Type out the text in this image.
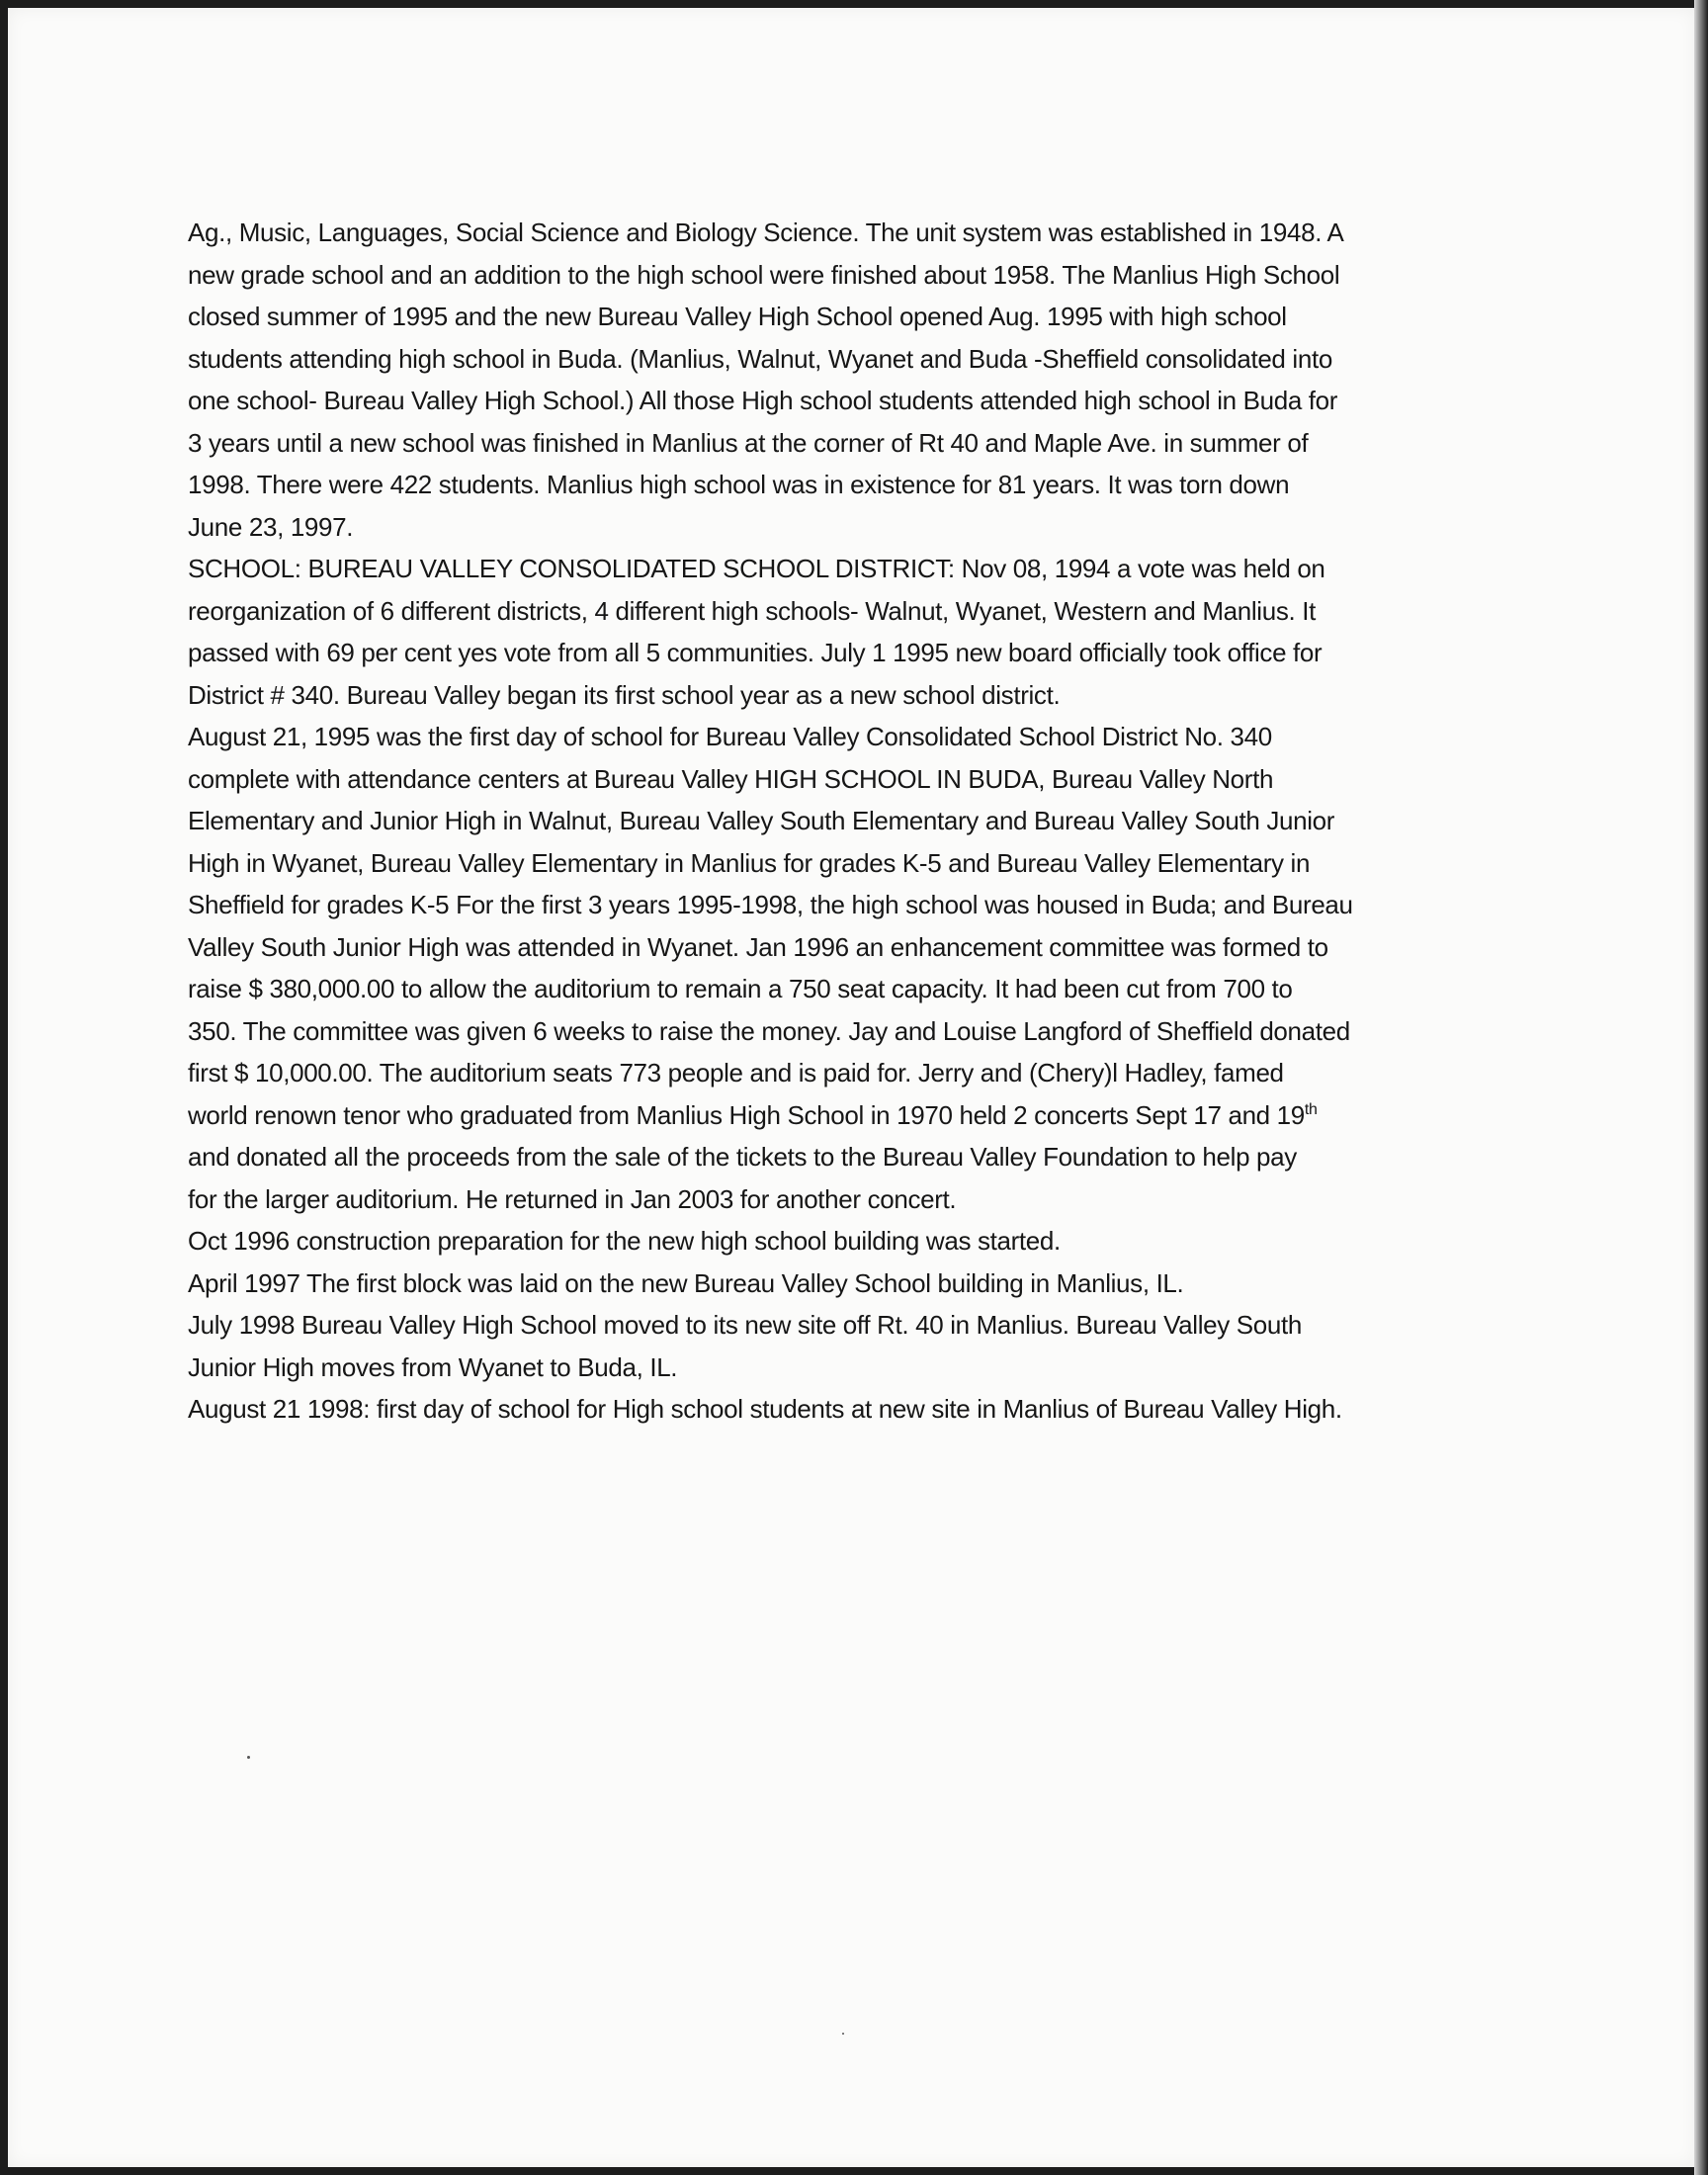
Ag., Music, Languages, Social Science and Biology Science. The unit system was established in 1948. A
new grade school and an addition to the high school were finished about 1958. The Manlius High School
closed summer of 1995 and the new Bureau Valley High School opened Aug. 1995 with high school
students attending high school in Buda. (Manlius, Walnut, Wyanet and Buda -Sheffield consolidated into
one school- Bureau Valley High School.) All those High school students attended high school in Buda for
3 years until a new school was finished in Manlius at the corner of Rt 40 and Maple Ave. in summer of
1998. There were 422 students. Manlius high school was in existence for 81 years. It was torn down
June 23, 1997.
SCHOOL: BUREAU VALLEY CONSOLIDATED SCHOOL DISTRICT: Nov 08, 1994 a vote was held on
reorganization of 6 different districts, 4 different high schools- Walnut, Wyanet, Western and Manlius. It
passed with 69 per cent yes vote from all 5 communities. July 1 1995 new board officially took office for
District # 340. Bureau Valley began its first school year as a new school district.
August 21, 1995 was the first day of school for Bureau Valley Consolidated School District No. 340
complete with attendance centers at Bureau Valley HIGH SCHOOL IN BUDA, Bureau Valley North
Elementary and Junior High in Walnut, Bureau Valley South Elementary and Bureau Valley South Junior
High in Wyanet, Bureau Valley Elementary in Manlius for grades K-5 and Bureau Valley Elementary in
Sheffield for grades K-5 For the first 3 years 1995-1998, the high school was housed in Buda; and Bureau
Valley South Junior High was attended in Wyanet. Jan 1996 an enhancement committee was formed to
raise $ 380,000.00 to allow the auditorium to remain a 750 seat capacity. It had been cut from 700 to
350. The committee was given 6 weeks to raise the money. Jay and Louise Langford of Sheffield donated
first $ 10,000.00. The auditorium seats 773 people and is paid for. Jerry and (Chery)l Hadley, famed
world renown tenor who graduated from Manlius High School in 1970 held 2 concerts Sept 17 and 19th
and donated all the proceeds from the sale of the tickets to the Bureau Valley Foundation to help pay
for the larger auditorium. He returned in Jan 2003 for another concert.
Oct 1996 construction preparation for the new high school building was started.
April 1997 The first block was laid on the new Bureau Valley School building in Manlius, IL.
July 1998 Bureau Valley High School moved to its new site off Rt. 40 in Manlius. Bureau Valley South
Junior High moves from Wyanet to Buda, IL.
August 21 1998: first day of school for High school students at new site in Manlius of Bureau Valley High.
